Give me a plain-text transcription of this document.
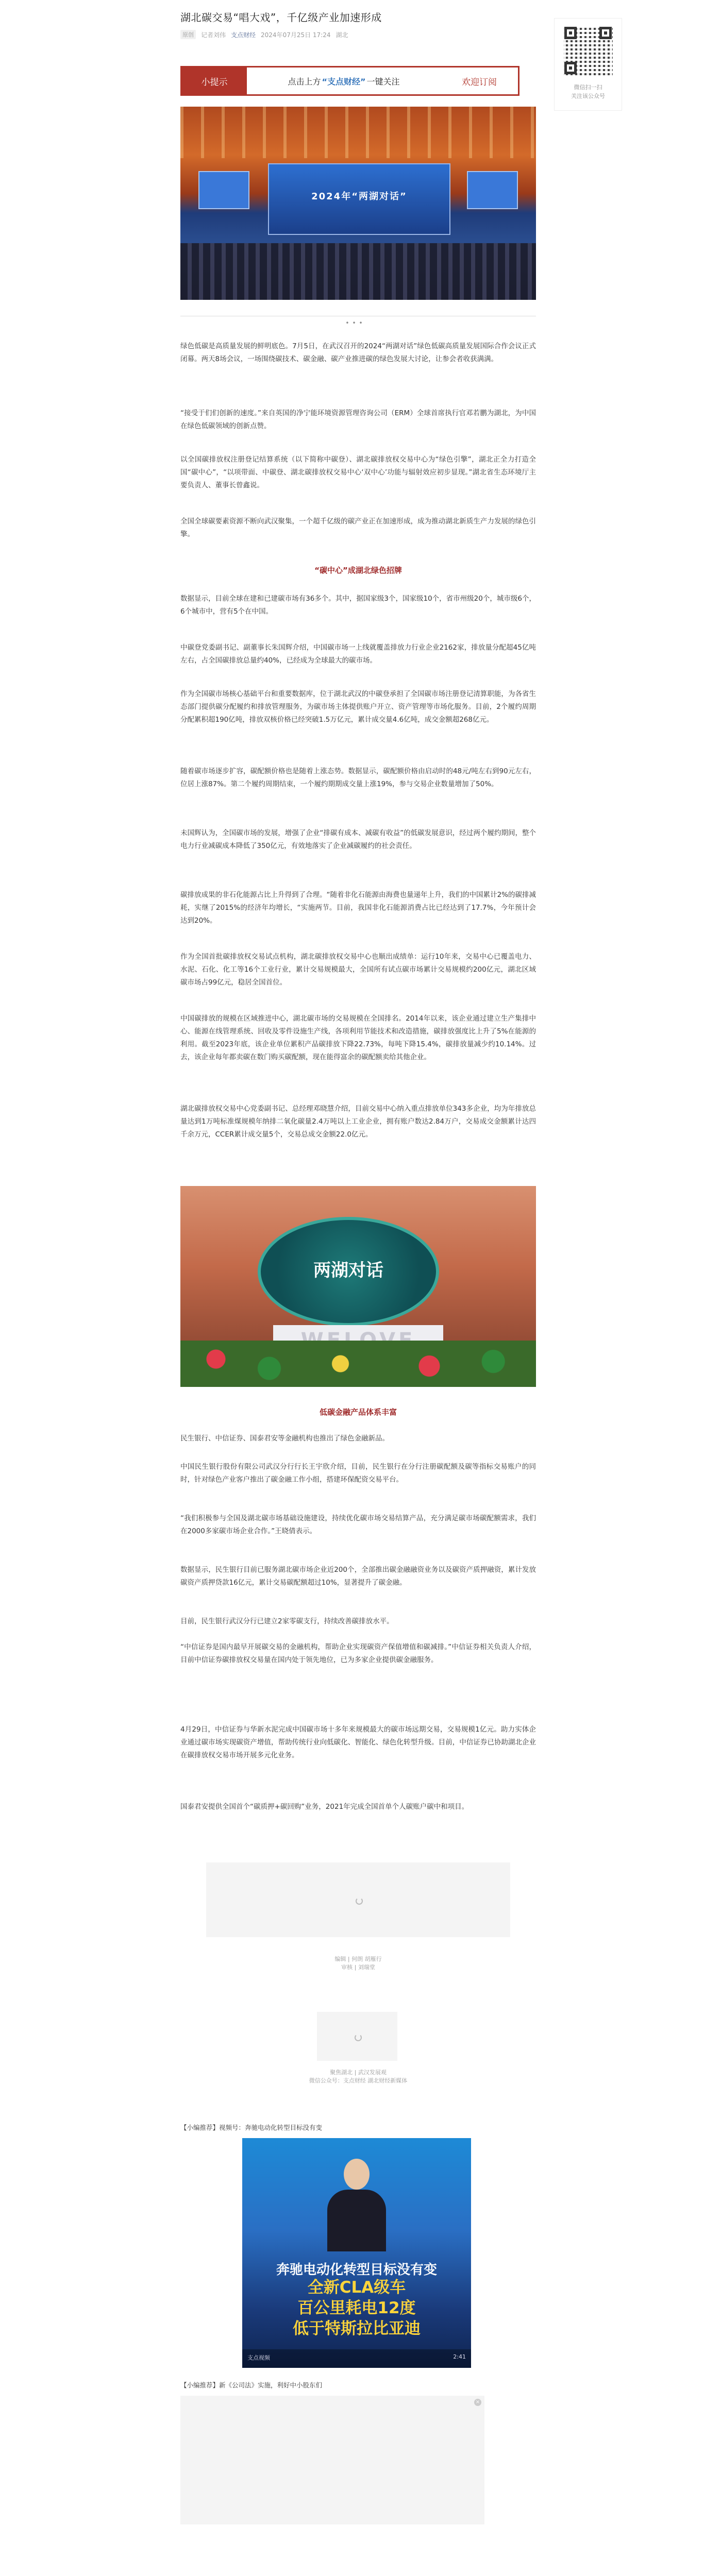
湖北碳交易“唱大戏”，千亿级产业加速形成
原创	记者刘伟 支点财经 2024年07月25日 17:24 湖北
微信扫一扫
关注该公众号
小提示	点击上方 “支点财经” 一键关注	欢迎订阅
2024年“两湖对话”
•••

绿色低碳是高质量发展的鲜明底色。7月5日，在武汉召开的2024“两湖对话”绿色低碳高质量发展国际合作会议正式闭幕。两天8场会议，一场围绕碳技术、碳金融、碳产业推进碳的绿色发展大讨论，让参会者收获满满。

“接受于们们创新的速度。”来自英国的净宁能环境资源管理咨询公司（ERM）全球首席执行官邓若鹏为湖北，为中国在绿色低碳领域的创新点赞。

以全国碳排放权注册登记结算系统（以下简称中碳登）、湖北碳排放权交易中心为“绿色引擎”，湖北正全力打造全国“碳中心”，“以项带面、中碳登、湖北碳排放权交易中心‘双中心’功能与辐射效应初步显现。”湖北省生态环境厅主要负责人、董事长曾鑫说。

全国全球碳要素资源不断向武汉聚集，一个超千亿级的碳产业正在加速形成，成为推动湖北新质生产力发展的绿色引擎。

“碳中心”成湖北绿色招牌

数据显示，目前全球在建和已建碳市场有36多个。其中，据国家级3个，国家级10个，省市州级20个，城市级6个，6个城市中，营有5个在中国。

中碳登党委副书记、副董事长朱国辉介绍，中国碳市场一上线就覆盖排放力行业企业2162家，排放量分配超45亿吨左右，占全国碳排放总量约40%，已经成为全球最大的碳市场。

作为全国碳市场核心基础平台和重要数据库，位于湖北武汉的中碳登承担了全国碳市场注册登记清算职能，为各省生态部门提供碳分配履约和排放管理服务，为碳市场主体提供账户开立、资产管理等市场化服务。目前，2个履约周期分配累积超190亿吨，排放双核价格已经突破1.5万亿元，累计成交量4.6亿吨，成交金额超268亿元。

随着碳市场逐步扩容，碳配额价格也是随着上涨态势。数据显示，碳配额价格由启动时的48元/吨左右到90元左右，位居上涨87%。第二个履约周期结束，一个履约期期成交量上涨19%，参与交易企业数量增加了50%。

未国辉认为，全国碳市场的发展，增强了企业“排碳有成本、减碳有收益”的低碳发展意识，经过两个履约期间，整个电力行业减碳成本降低了350亿元，有效地落实了企业减碳履约的社会责任。

碳排放成果的非石化能源占比上升得到了合理。“随着非化石能源由海费也量递年上升，我们的中国累计2%的碳排减耗，实继了2015%的经济年均增长，“实施两节。目前，我国非化石能源消费占比已经达到了17.7%，今年预计会达到20%。

作为全国首批碳排放权交易试点机构，湖北碳排放权交易中心也顺出成绩单：运行10年来，交易中心已覆盖电力、水泥、石化、化工等16个工业行业，累计交易规模最大，全国所有试点碳市场累计交易规模约200亿元，湖北区域碳市场占99亿元，稳居全国首位。

中国碳排放的规模在区域推进中心，湖北碳市场的交易规模在全国排名。2014年以来，该企业通过建立生产集排中心、能源在线管理系统、回收及零件设施生产线，各项利用节能技术和改造措施，碳排放强度比上升了5%在能源的利用。截至2023年底，该企业单位累积产品碳排放下降22.73%，每吨下降15.4%，碳排放量减少约10.14%。过去，该企业每年都卖碳在数门购买碳配额，现在能得富余的碳配额卖给其他企业。

湖北碳排放权交易中心党委副书记、总经理邓晓慧介绍，目前交易中心纳入重点排放单位343多企业，均为年排放总量达到1万吨标准煤规模年纳排二氧化碳量2.4万吨以上工业企业，拥有账户数达2.84万户，交易成交金额累计达四千余万元，CCER累计成交量5个，交易总成交金额22.0亿元。

两湖对话
低碳金融产品体系丰富

民生银行、中信证券、国泰君安等金融机构也推出了绿色金融新品。

中国民生银行股份有限公司武汉分行行长王宇欣介绍，目前，民生银行在分行注册碳配额及碳等指标交易账户的同时，针对绿色产业客户推出了碳金融工作小组，搭建环保配资交易平台。

“我们积极参与全国及湖北碳市场基础设施建设，持续优化碳市场交易结算产品，充分满足碳市场碳配额需求，我们在2000多家碳市场企业合作。”王晓倩表示。

数据显示，民生银行目前已服务湖北碳市场企业近200个，全部推出碳金融融资业务以及碳资产质押融资，累计发放碳资产质押贷款16亿元，累计交易碳配额超过10%，显著提升了碳金融。

目前，民生银行武汉分行已建立2家零碳支行，持续改善碳排放水平。

“中信证券是国内最早开展碳交易的金融机构，帮助企业实现碳资产保值增值和碳减排。”中信证券相关负责人介绍，目前中信证券碳排放权交易量在国内处于领先地位，已为多家企业提供碳金融服务。

4月29日，中信证券与华新水泥完成中国碳市场十多年来规模最大的碳市场远期交易，交易规模1亿元。助力实体企业通过碳市场实现碳资产增值，帮助传统行业向低碳化、智能化、绿色化转型升级。目前，中信证券已协助湖北企业在碳排放权交易市场开展多元化业务。

国泰君安提供全国首个“碳质押+碳回购”业务，2021年完成全国首单个人碳账户碳中和项目。

编辑 | 何朗 胡雁行
审核 | 刘瑞堂
聚焦湖北 | 武汉发展观
微信公众号：支点财经 湖北财经新媒体
【小编推荐】视频号：奔驰电动化转型目标没有变
奔驰电动化转型目标没有变
全新CLA级车
百公里耗电12度
低于特斯拉比亚迪
支点视频	2:41
【小编推荐】新《公司法》实施，利好中小股东们
×
